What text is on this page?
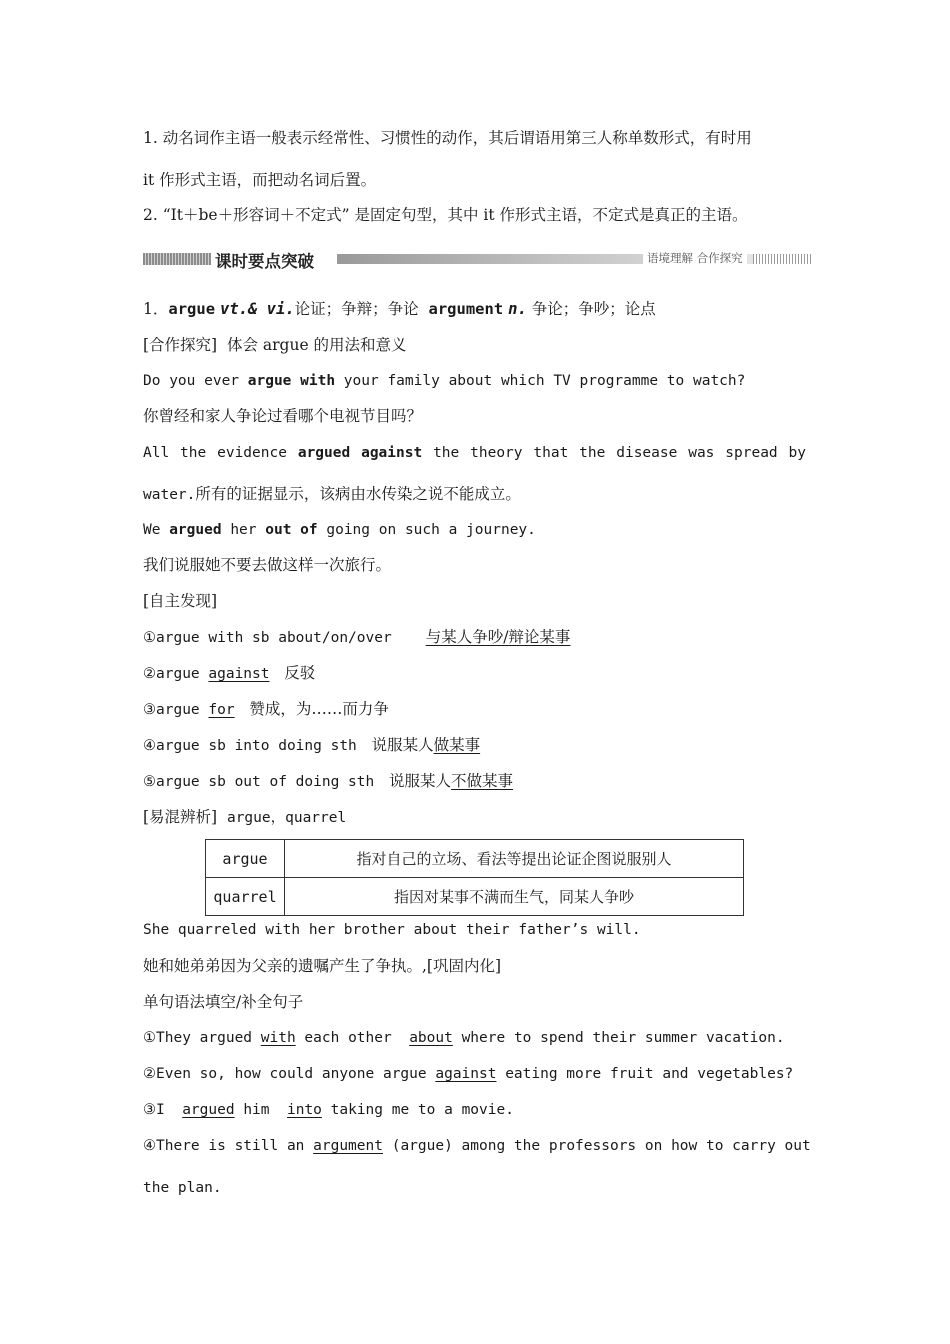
1. 动名词作主语一般表示经常性、习惯性的动作，其后谓语用第三人称单数形式，有时用
it 作形式主语，而把动名词后置。
2. “It＋be＋形容词＋不定式” 是固定句型，其中 it 作形式主语，不定式是真正的主语。
课时要点突破	语境理解 合作探究
1．argue vt.& vi.论证；争辩；争论 argument n. 争论；争吵；论点
[合作探究] 体会 argue 的用法和意义
Do you ever argue with your family about which TV programme to watch?
你曾经和家人争论过看哪个电视节目吗？
All the evidence argued against the theory that the disease was spread by
water.所有的证据显示，该病由水传染之说不能成立。
We argued her out of going on such a journey.
我们说服她不要去做这样一次旅行。
[自主发现]
①argue with sb about/on/over 与某人争吵/辩论某事
②argue against 反驳
③argue for 赞成，为……而力争
④argue sb into doing sth 说服某人做某事
⑤argue sb out of doing sth 说服某人不做某事
[易混辨析] argue，quarrel
argue	指对自己的立场、看法等提出论证企图说服别人
quarrel	指因对某事不满而生气，同某人争吵
She quarreled with her brother about their father’s will.
她和她弟弟因为父亲的遗嘱产生了争执。,[巩固内化]
单句语法填空/补全句子
①They argued with each other  about where to spend their summer vacation.
②Even so, how could anyone argue against eating more fruit and vegetables?
③I  argued him  into taking me to a movie.
④There is still an argument (argue) among the professors on how to carry out
the plan.
